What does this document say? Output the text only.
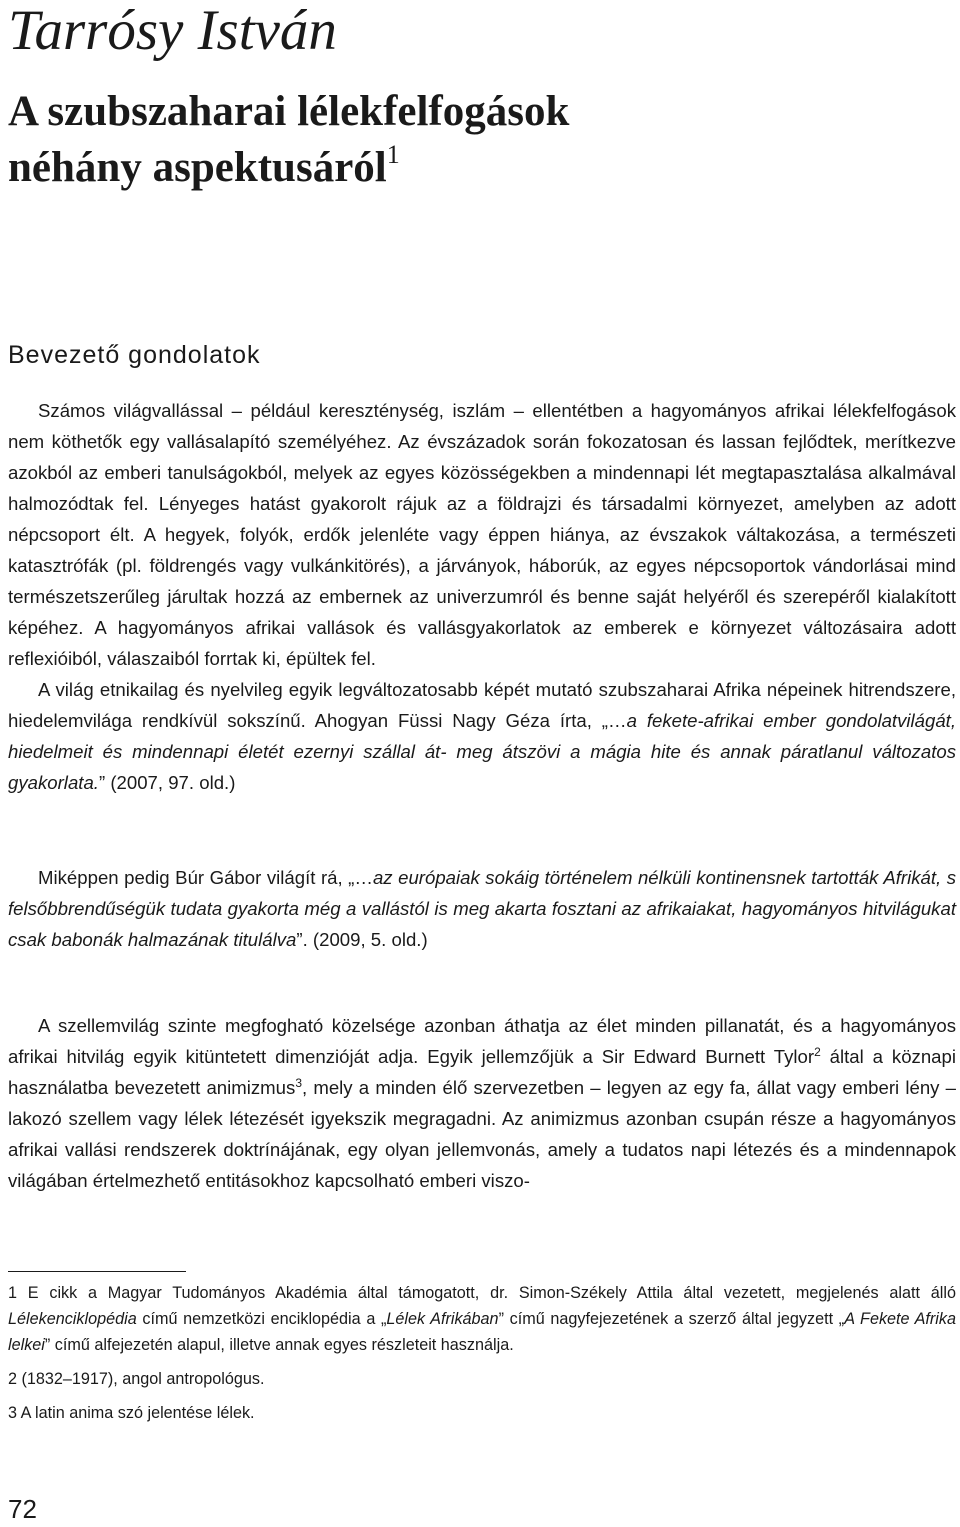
Tarrósy István
A szubszaharai lélekfelfogások
néhány aspektusáról$^1$
Bevezető gondolatok

Számos világvallással – például kereszténység, iszlám – ellentétben a hagyományos afrikai lélekfelfogások nem köthetők egy vallásalapító személyéhez. Az évszázadok során fokozatosan és lassan fejlődtek, merítkezve azokból az emberi tanulságokból, melyek az egyes közösségekben a mindennapi lét megtapasztalása alkalmával halmozódtak fel. Lényeges hatást gyakorolt rájuk az a földrajzi és társadalmi környezet, amelyben az adott népcsoport élt. A hegyek, folyók, erdők jelenléte vagy éppen hiánya, az évszakok váltakozása, a természeti katasztrófák (pl. földrengés vagy vulkánkitörés), a járványok, háborúk, az egyes népcsoportok vándorlásai mind természetszerűleg járultak hozzá az embernek az univerzumról és benne saját helyéről és szerepéről kialakított képéhez. A hagyományos afrikai vallások és vallásgyakorlatok az emberek e környezet változásaira adott reflexióiból, válaszaiból forrtak ki, épültek fel.

A világ etnikailag és nyelvileg egyik legváltozatosabb képét mutató szubszaharai Afrika népeinek hitrendszere, hiedelemvilága rendkívül sokszínű. Ahogyan Füssi Nagy Géza írta, „…a fekete-afrikai ember gondolatvilágát, hiedelmeit és mindennapi életét ezernyi szállal át- meg átszövi a mágia hite és annak páratlanul változatos gyakorlata.” (2007, 97. old.)

Miképpen pedig Búr Gábor világít rá, „…az európaiak sokáig történelem nélküli kontinensnek tartották Afrikát, s felsőbbrendűségük tudata gyakorta még a vallástól is meg akarta fosztani az afrikaiakat, hagyományos hitvilágukat csak babonák halmazának titulálva”. (2009, 5. old.)

A szellemvilág szinte megfogható közelsége azonban áthatja az élet minden pillanatát, és a hagyományos afrikai hitvilág egyik kitüntetett dimenzióját adja. Egyik jellemzőjük a Sir Edward Burnett Tylor$^2$ által a köznapi használatba bevezetett animizmus$^3$, mely a minden élő szervezetben – legyen az egy fa, állat vagy emberi lény – lakozó szellem vagy lélek létezését igyekszik megragadni. Az animizmus azonban csupán része a hagyományos afrikai vallási rendszerek doktrínájának, egy olyan jellemvonás, amely a tudatos napi létezés és a mindennapok világában értelmezhető entitásokhoz kapcsolható emberi viszo-

1 E cikk a Magyar Tudományos Akadémia által támogatott, dr. Simon-Székely Attila által vezetett, megjelenés alatt álló Lélekenciklopédia című nemzetközi enciklopédia a „Lélek Afrikában” című nagyfejezetének a szerző által jegyzett „A Fekete Afrika lelkei” című alfejezetén alapul, illetve annak egyes részleteit használja.

2 (1832–1917), angol antropológus.

3 A latin anima szó jelentése lélek.

72
